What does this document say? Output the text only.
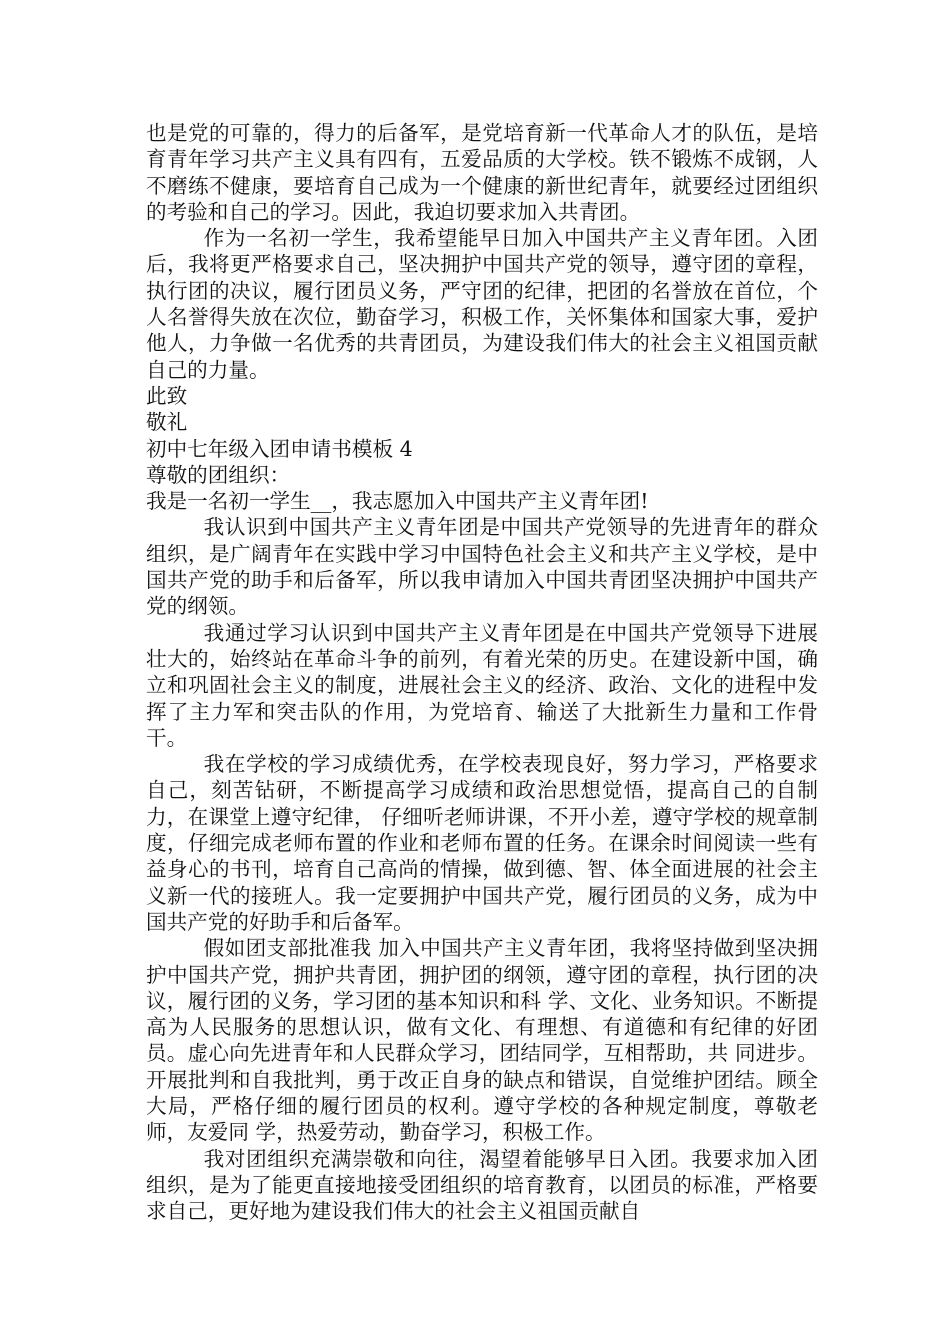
也是党的可靠的，得力的后备军，是党培育新一代革命人才的队伍，是培育青年学习共产主义具有四有，五爱品质的大学校。铁不锻炼不成钢，人不磨练不健康，要培育自己成为一个健康的新世纪青年，就要经过团组织的考验和自己的学习。因此，我迫切要求加入共青团。

作为一名初一学生，我希望能早日加入中国共产主义青年团。入团后，我将更严格要求自己，坚决拥护中国共产党的领导，遵守团的章程，执行团的决议，履行团员义务，严守团的纪律，把团的名誉放在首位，个人名誉得失放在次位，勤奋学习，积极工作，关怀集体和国家大事，爱护他人，力争做一名优秀的共青团员，为建设我们伟大的社会主义祖国贡献自己的力量。

此致

敬礼

初中七年级入团申请书模板 4

尊敬的团组织：

我是一名初一学生__，我志愿加入中国共产主义青年团!

我认识到中国共产主义青年团是中国共产党领导的先进青年的群众组织，是广阔青年在实践中学习中国特色社会主义和共产主义学校，是中国共产党的助手和后备军，所以我申请加入中国共青团坚决拥护中国共产党的纲领。

我通过学习认识到中国共产主义青年团是在中国共产党领导下进展壮大的，始终站在革命斗争的前列，有着光荣的历史。在建设新中国，确立和巩固社会主义的制度，进展社会主义的经济、政治、文化的进程中发挥了主力军和突击队的作用，为党培育、输送了大批新生力量和工作骨干。

我在学校的学习成绩优秀，在学校表现良好，努力学习，严格要求自己，刻苦钻研，不断提高学习成绩和政治思想觉悟，提高自己的自制力，在课堂上遵守纪律， 仔细听老师讲课，不开小差，遵守学校的规章制度，仔细完成老师布置的作业和老师布置的任务。在课余时间阅读一些有益身心的书刊，培育自己高尚的情操，做到德、智、体全面进展的社会主义新一代的接班人。我一定要拥护中国共产党，履行团员的义务，成为中国共产党的好助手和后备军。

假如团支部批准我 加入中国共产主义青年团，我将坚持做到坚决拥护中国共产党，拥护共青团，拥护团的纲领，遵守团的章程，执行团的决议，履行团的义务，学习团的基本知识和科 学、文化、业务知识。不断提高为人民服务的思想认识，做有文化、有理想、有道德和有纪律的好团员。虚心向先进青年和人民群众学习，团结同学，互相帮助，共 同进步。开展批判和自我批判，勇于改正自身的缺点和错误，自觉维护团结。顾全大局，严格仔细的履行团员的权利。遵守学校的各种规定制度，尊敬老师，友爱同 学，热爱劳动，勤奋学习，积极工作。

我对团组织充满崇敬和向往，渴望着能够早日入团。我要求加入团组织，是为了能更直接地接受团组织的培育教育，以团员的标准，严格要求自己，更好地为建设我们伟大的社会主义祖国贡献自
